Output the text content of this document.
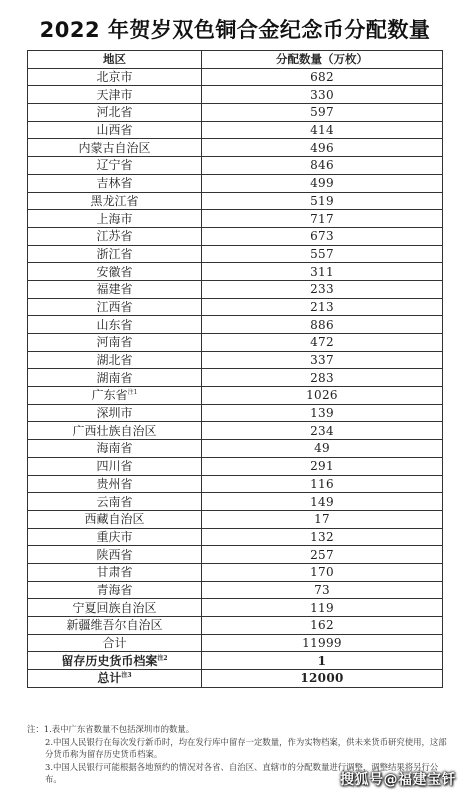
2022 年贺岁双色铜合金纪念币分配数量
地区	分配数量（万枚）
北京市	682
天津市	330
河北省	597
山西省	414
内蒙古自治区	496
辽宁省	846
吉林省	499
黑龙江省	519
上海市	717
江苏省	673
浙江省	557
安徽省	311
福建省	233
江西省	213
山东省	886
河南省	472
湖北省	337
湖南省	283
广东省$^{注1}$	1026
深圳市	139
广西壮族自治区	234
海南省	49
四川省	291
贵州省	116
云南省	149
西藏自治区	17
重庆市	132
陕西省	257
甘肃省	170
青海省	73
宁夏回族自治区	119
新疆维吾尔自治区	162
合计	11999
留存历史货币档案$^{注2}$	1
总计$^{注3}$	12000
注：1.表中广东省数量不包括深圳市的数量。
2.中国人民银行在每次发行新币时，均在发行库中留存一定数量，作为实物档案，供未来货币研究使用，这部分货币称为留存历史货币档案。
3.中国人民银行可能根据各地预约的情况对各省、自治区、直辖市的分配数量进行调整，调整结果将另行公布。	搜狐号@福建宝钎
